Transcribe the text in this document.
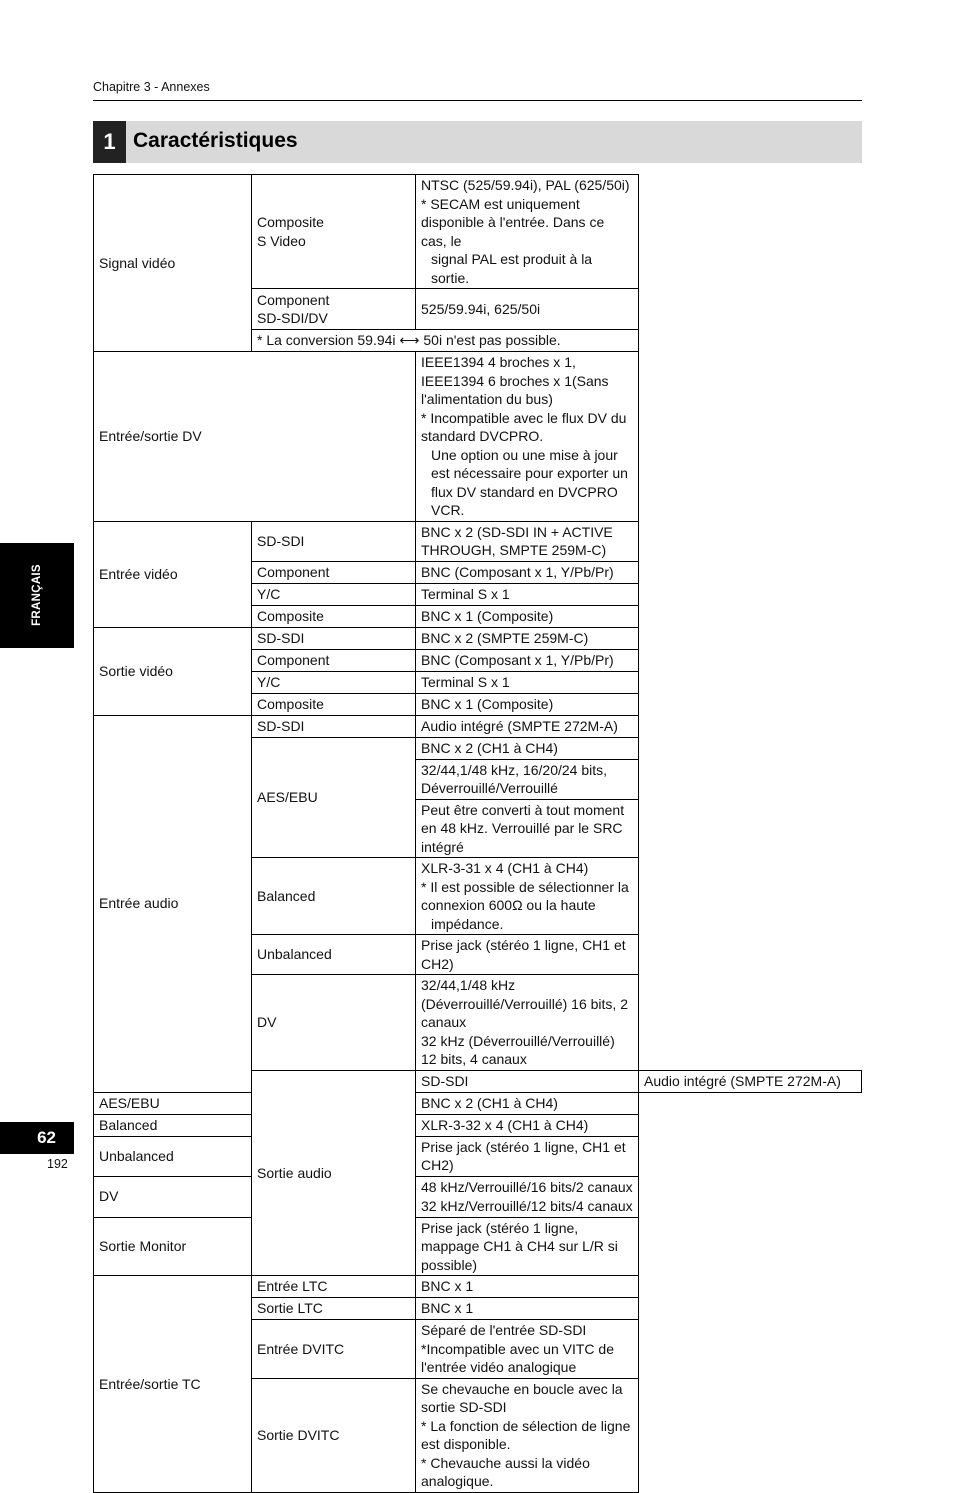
Chapitre 3 - Annexes
1 Caractéristiques
Signal vidéo	Composite
S Video	NTSC (525/59.94i), PAL (625/50i)
* SECAM est uniquement disponible à l'entrée. Dans ce cas, le
signal PAL est produit à la sortie.	

	Component
SD-SDI/DV	525/59.94i, 625/50i	
	* La conversion 59.94i ⟷ 50i n'est pas possible.		
Entrée/sortie DV		IEEE1394 4 broches x 1, IEEE1394 6 broches x 1(Sans
l'alimentation du bus)
* Incompatible avec le flux DV du standard DVCPRO.
Une option ou une mise à jour est nécessaire pour exporter un
flux DV standard en DVCPRO VCR.	

Entrée vidéo	SD-SDI	BNC x 2 (SD-SDI IN + ACTIVE THROUGH, SMPTE 259M-C)	
	Component	BNC (Composant x 1, Y/Pb/Pr)	
	Y/C	Terminal S x 1	
	Composite	BNC x 1 (Composite)	
Sortie vidéo	SD-SDI	BNC x 2 (SMPTE 259M-C)	
	Component	BNC (Composant x 1, Y/Pb/Pr)	
	Y/C	Terminal S x 1	
	Composite	BNC x 1 (Composite)	
Entrée audio	SD-SDI	Audio intégré (SMPTE 272M-A)	
	AES/EBU	BNC x 2 (CH1 à CH4)	
		32/44,1/48 kHz, 16/20/24 bits, Déverrouillé/Verrouillé	
		Peut être converti à tout moment en 48 kHz. Verrouillé par le SRC
intégré	
	Balanced	XLR-3-31 x 4 (CH1 à CH4)
* Il est possible de sélectionner la connexion 600Ω ou la haute
impédance.	

	Unbalanced	Prise jack (stéréo 1 ligne, CH1 et CH2)	
	DV	32/44,1/48 kHz (Déverrouillé/Verrouillé) 16 bits, 2 canaux
32 kHz (Déverrouillé/Verrouillé) 12 bits, 4 canaux	
	Sortie audio	SD-SDI	Audio intégré (SMPTE 272M-A)
AES/EBU		BNC x 2 (CH1 à CH4)	
Balanced		XLR-3-32 x 4 (CH1 à CH4)	
Unbalanced		Prise jack (stéréo 1 ligne, CH1 et CH2)	
DV		48 kHz/Verrouillé/16 bits/2 canaux
32 kHz/Verrouillé/12 bits/4 canaux	
Sortie Monitor		Prise jack (stéréo 1 ligne, mappage CH1 à CH4 sur L/R si
possible)	
Entrée/sortie TC	Entrée LTC	BNC x 1	
	Sortie LTC	BNC x 1	
	Entrée DVITC	Séparé de l'entrée SD-SDI
*Incompatible avec un VITC de l'entrée vidéo analogique	
	Sortie DVITC	Se chevauche en boucle avec la sortie SD-SDI
* La fonction de sélection de ligne est disponible.
* Chevauche aussi la vidéo analogique.	
FRANÇAIS
62
192
